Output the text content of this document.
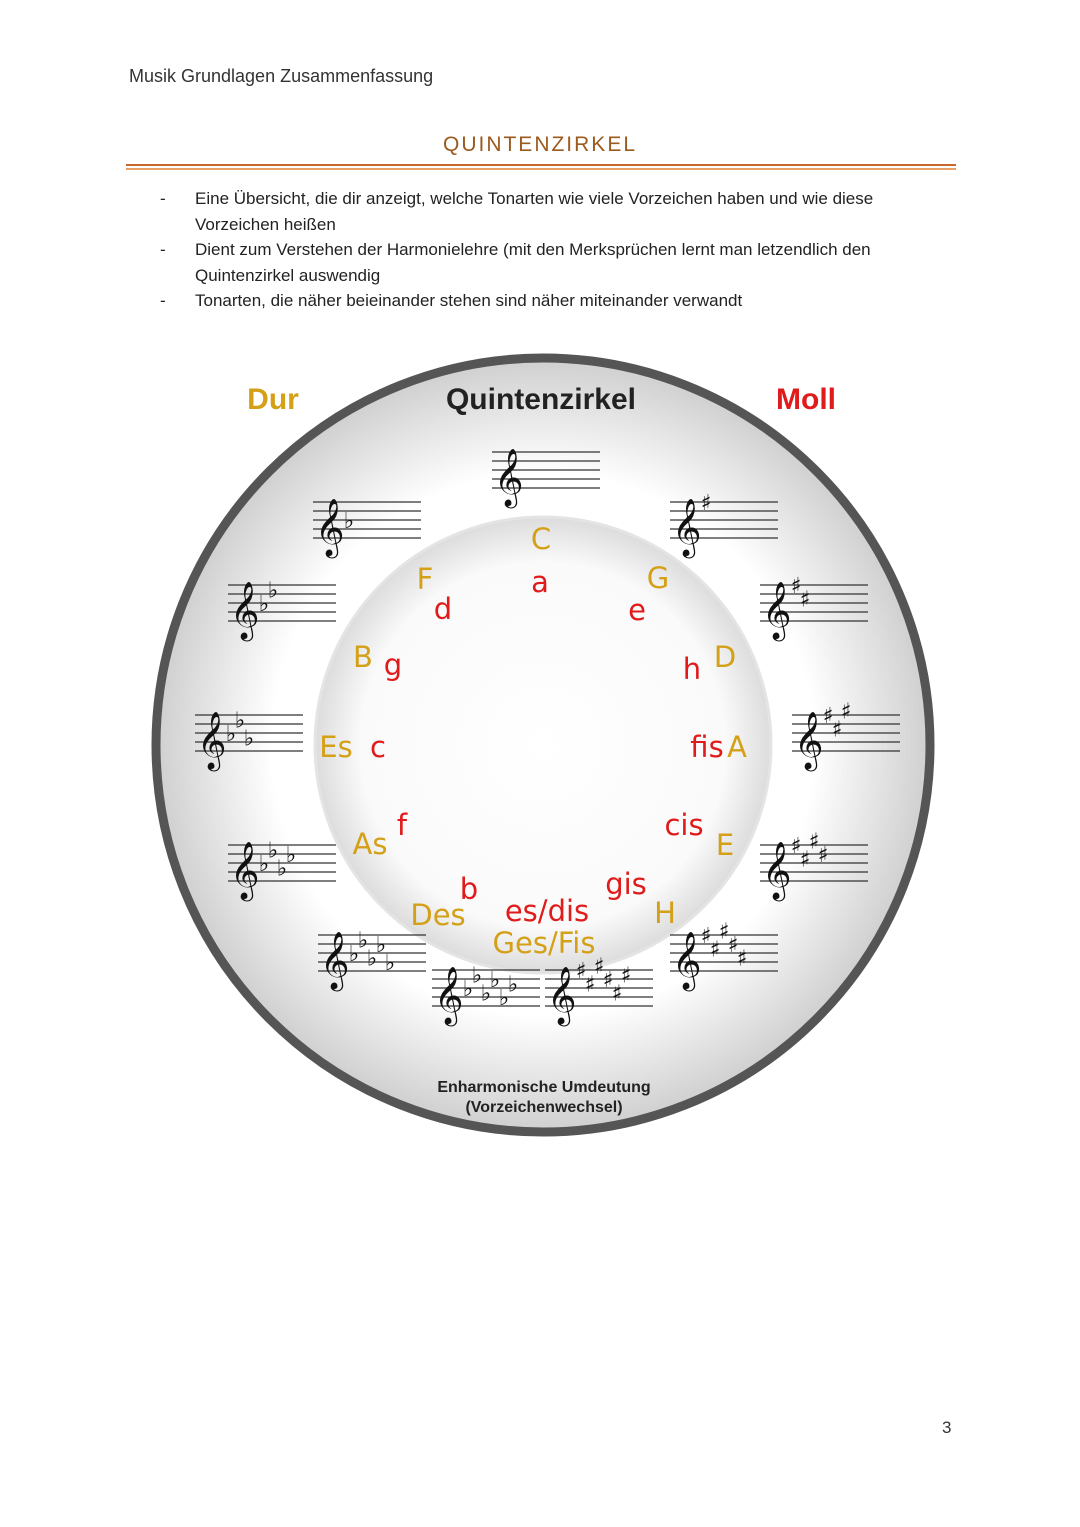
Musik Grundlagen Zusammenfassung
QUINTENZIRKEL
- Eine Übersicht, die dir anzeigt, welche Tonarten wie viele Vorzeichen haben und wie diese Vorzeichen heißen
- Dient zum Verstehen der Harmonielehre (mit den Merksprüchen lernt man letzendlich den Quintenzirkel auswendig
- Tonarten, die näher beieinander stehen sind näher miteinander verwandt
𝄞
𝄞 ♯
𝄞 ♯
♯
𝄞 ♯
♯
♯
𝄞 ♯
♯
♯
♯
𝄞 ♯
♯
♯
♯
♯
𝄞 ♯
♯
♯
♯
♯
♯
𝄞 ♭
♭
♭
♭
♭
♭
𝄞 ♭
♭
♭
♭
♭
𝄞 ♭
♭
♭
♭
𝄞 ♭
♭
♭
𝄞 ♭
♭
𝄞 ♭
Quintenzirkel
Dur	Moll
Enharmonische Umdeutung
(Vorzeichenwechsel)
C
G
D
A
E
H
Ges/Fis
Des
As
Es
B
F	a
e
h
fis
cis
gis
es/dis
b
f
c
g
d
3
